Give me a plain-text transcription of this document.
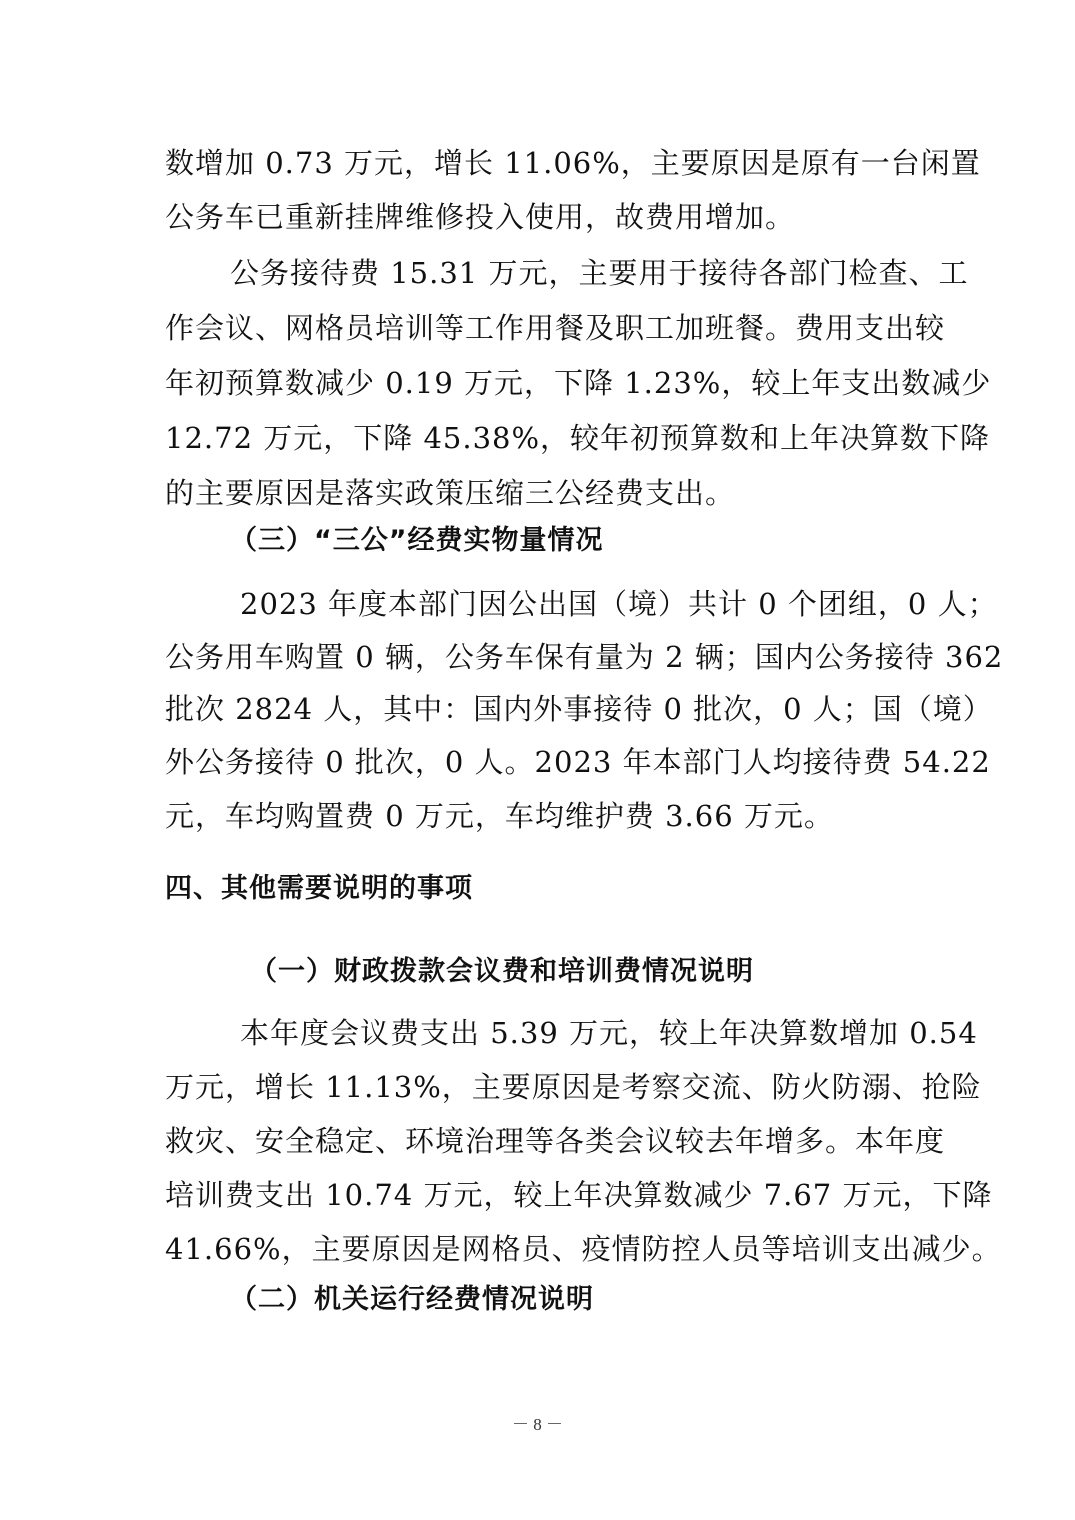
数增加 0.73 万元，增长 11.06%，主要原因是原有一台闲置

公务车已重新挂牌维修投入使用，故费用增加。

公务接待费 15.31 万元，主要用于接待各部门检查、工

作会议、网格员培训等工作用餐及职工加班餐。费用支出较

年初预算数减少 0.19 万元，下降 1.23%，较上年支出数减少

12.72 万元，下降 45.38%，较年初预算数和上年决算数下降

的主要原因是落实政策压缩三公经费支出。

（三）“三公”经费实物量情况

2023 年度本部门因公出国（境）共计 0 个团组，0 人；

公务用车购置 0 辆，公务车保有量为 2 辆；国内公务接待 362

批次 2824 人，其中：国内外事接待 0 批次，0 人；国（境）

外公务接待 0 批次，0 人。2023 年本部门人均接待费 54.22

元，车均购置费 0 万元，车均维护费 3.66 万元。

四、其他需要说明的事项

（一）财政拨款会议费和培训费情况说明

本年度会议费支出 5.39 万元，较上年决算数增加 0.54

万元，增长 11.13%，主要原因是考察交流、防火防溺、抢险

救灾、安全稳定、环境治理等各类会议较去年增多。本年度

培训费支出 10.74 万元，较上年决算数减少 7.67 万元，下降

41.66%，主要原因是网格员、疫情防控人员等培训支出减少。

（二）机关运行经费情况说明

－ 8 －
